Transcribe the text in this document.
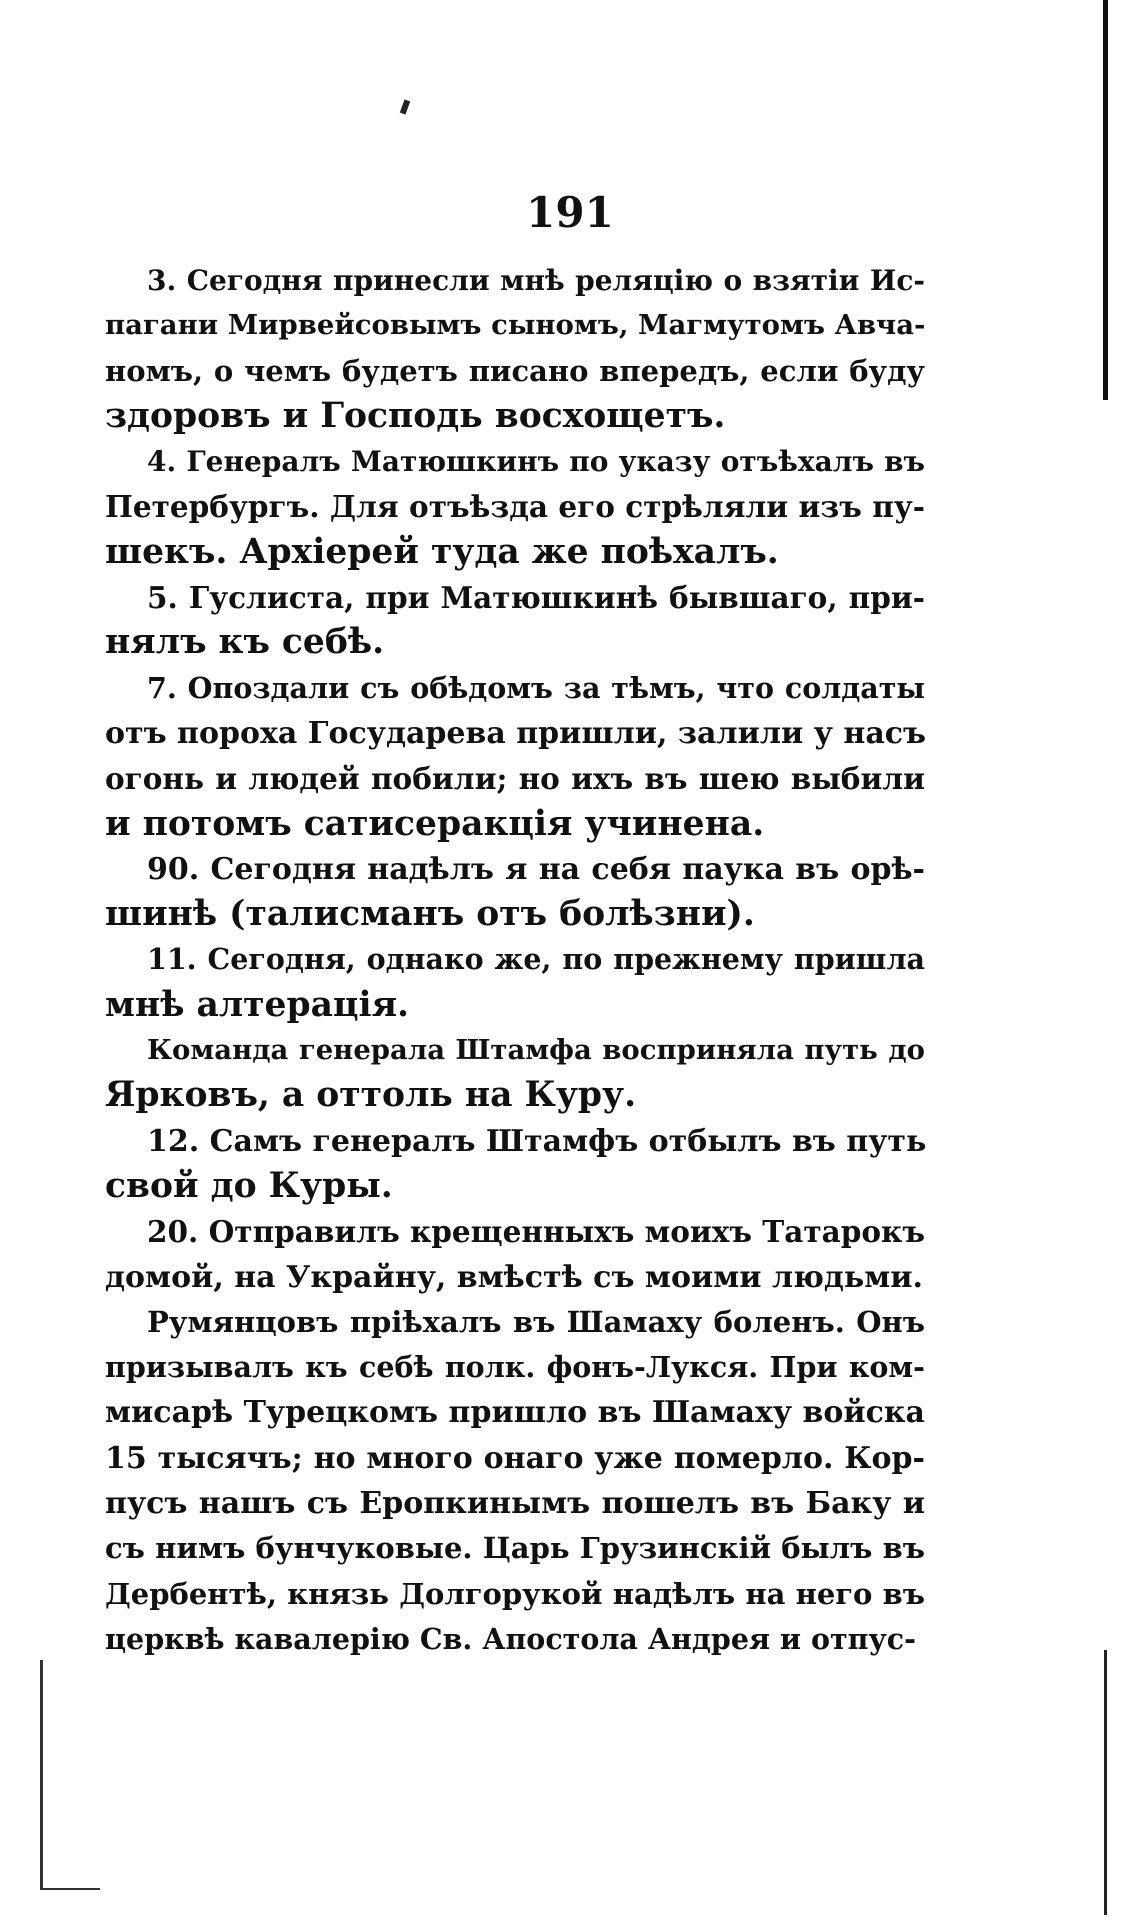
191

3. Сегодня принесли мнѣ реляцію о взятіи Ис-
пагани Мирвейсовымъ сыномъ, Магмутомъ Авча-
номъ, о чемъ будетъ писано впередъ, если буду
здоровъ и Господь восхощетъ.

4. Генералъ Матюшкинъ по указу отъѣхалъ въ
Петербургъ. Для отъѣзда его стрѣляли изъ пу-
шекъ. Архіерей туда же поѣхалъ.

5. Гуслиста, при Матюшкинѣ бывшаго, при-
нялъ къ себѣ.

7. Опоздали съ обѣдомъ за тѣмъ, что солдаты
отъ пороха Государева пришли, залили у насъ
огонь и людей побили; но ихъ въ шею выбили
и потомъ сатисеракція учинена.

90. Сегодня надѣлъ я на себя паука въ орѣ-
шинѣ (талисманъ отъ болѣзни).

11. Сегодня, однако же, по прежнему пришла
мнѣ алтерація.

Команда генерала Штамфа восприняла путь до
Ярковъ, а оттоль на Куру.

12. Самъ генералъ Штамфъ отбылъ въ путь
свой до Куры.

20. Отправилъ крещенныхъ моихъ Татарокъ
домой, на Украйну, вмѣстѣ съ моими людьми.

Румянцовъ пріѣхалъ въ Шамаху боленъ. Онъ
призывалъ къ себѣ полк. фонъ-Лукся. При ком-
мисарѣ Турецкомъ пришло въ Шамаху войска
15 тысячъ; но много онаго уже померло. Кор-
пусъ нашъ съ Еропкинымъ пошелъ въ Баку и
съ нимъ бунчуковые. Царь Грузинскій былъ въ
Дербентѣ, князь Долгорукой надѣлъ на него въ
церквѣ кавалерію Св. Апостола Андрея и отпус-
